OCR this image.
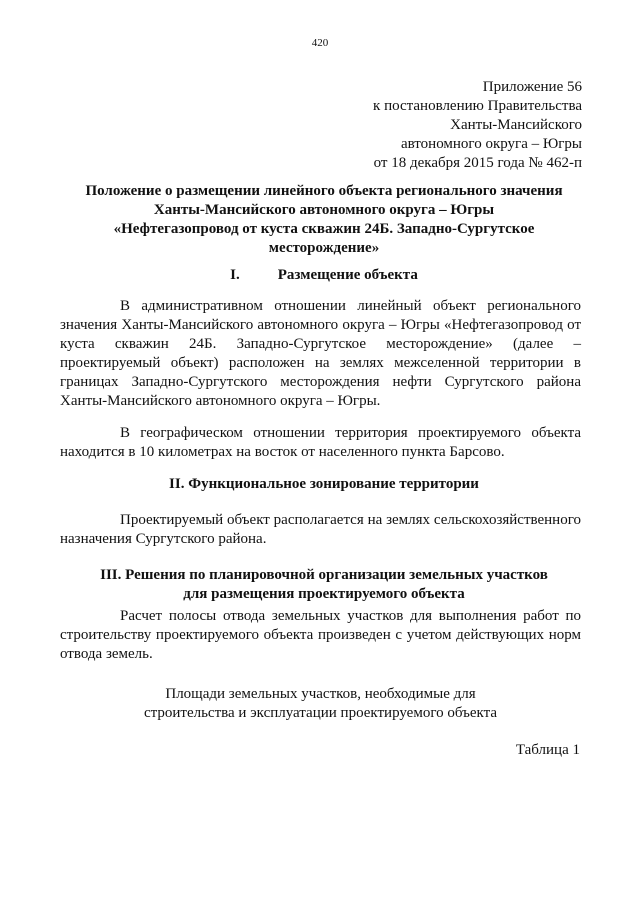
420
Приложение 56
к постановлению Правительства
Ханты-Мансийского
автономного округа – Югры
от 18 декабря 2015 года № 462-п
Положение о размещении линейного объекта регионального значения
Ханты-Мансийского автономного округа – Югры
«Нефтегазопровод от куста скважин 24Б. Западно-Сургутское
месторождение»
I.	Размещение объекта

В административном отношении линейный объект регионального значения Ханты-Мансийского автономного округа – Югры «Нефтегазопровод от куста скважин 24Б. Западно-Сургутское месторождение» (далее – проектируемый объект) расположен на землях межселенной территории в границах Западно-Сургутского месторождения нефти Сургутского района Ханты-Мансийского автономного округа – Югры.

В географическом отношении территория проектируемого объекта находится в 10 километрах на восток от населенного пункта Барсово.

II. Функциональное зонирование территории

Проектируемый объект располагается на землях сельскохозяйственного назначения Сургутского района.

III. Решения по планировочной организации земельных участков
для размещения проектируемого объекта

Расчет полосы отвода земельных участков для выполнения работ по строительству проектируемого объекта произведен с учетом действующих норм отвода земель.

Площади земельных участков, необходимые для
строительства и эксплуатации проектируемого объекта
Таблица 1
